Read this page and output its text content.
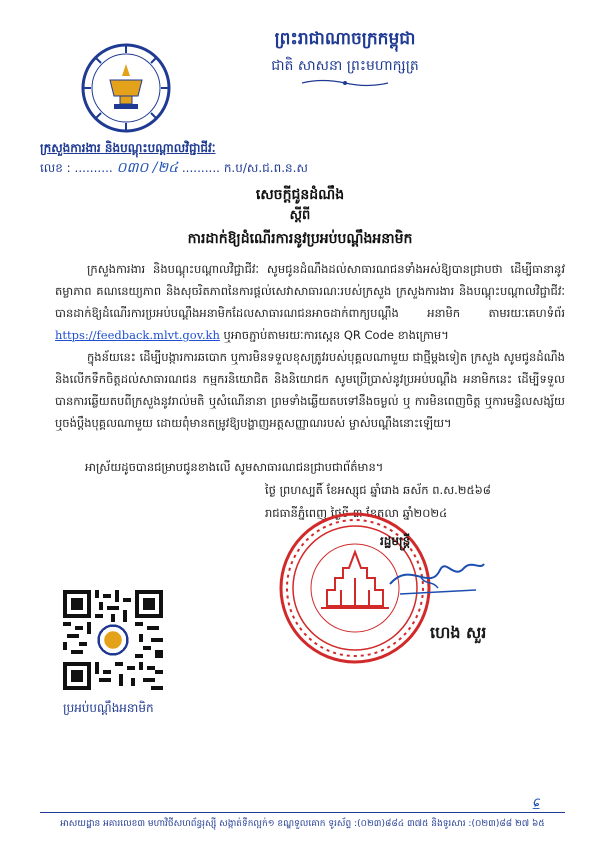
ព្រះរាជាណាចក្រកម្ពុជា
ជាតិ សាសនា ព្រះមហាក្សត្រ
ក្រសួងការងារ និងបណ្តុះបណ្តាលវិជ្ជាជីវៈ
លេខ : .......... ០៣០ /២៤ .......... ក.ប/ស.ជ.ព.ន.ស
សេចក្តីជូនដំណឹង
ស្តីពី
ការដាក់ឱ្យដំណើរការនូវប្រអប់បណ្តឹងអនាមិក
ក្រសួងការងារ និងបណ្តុះបណ្តាលវិជ្ជាជីវៈ សូមជូនដំណឹងដល់សាធារណជនទាំងអស់ឱ្យបានជ្រាបថា ដើម្បីធានានូវតម្លាភាព គណនេយ្យភាព និងសុចរិតភាពនៃការផ្តល់សេវាសាធារណៈរបស់ក្រសួង ក្រសួងការងារ និងបណ្តុះបណ្តាលវិជ្ជាជីវៈ បានដាក់ឱ្យដំណើរការប្រអប់បណ្តឹងអនាមិកដែលសាធារណជនអាចដាក់ពាក្យបណ្តឹង អនាមិក តាមរយៈគេហទំព័រ https://feedback.mlvt.gov.kh ឬអាចភ្ជាប់តាមរយៈការស្កេន QR Code ខាងក្រោម។
ក្នុងន័យនេះ ដើម្បីបង្ការការឆបោក ឬការមិនទទួលខុសត្រូវរបស់បុគ្គលណាមួយ ជាថ្មីម្តងទៀត ក្រសួង សូមជូនដំណឹង និងលើកទឹកចិត្តដល់សាធារណជន កម្មករនិយោជិត និងនិយោជក សូមប្រើប្រាស់នូវប្រអប់បណ្តឹង អនាមិកនេះ ដើម្បីទទួលបានការឆ្លើយតបពីក្រសួងនូវរាល់មតិ ឬសំណើនានា ព្រមទាំងឆ្លើយតបទៅនឹងចម្ងល់ ឬ ការមិនពេញចិត្ត ឬការមន្ទិលសង្ស័យ ឬចង់ប្តឹងបុគ្គលណាមួយ ដោយពុំមានតម្រូវឱ្យបង្ហាញអត្តសញ្ញាណរបស់ ម្ចាស់បណ្តឹងនោះឡើយ។
អាស្រ័យដូចបានជម្រាបជូនខាងលើ សូមសាធារណជនជ្រាបជាព័ត៌មាន។
ថ្ងៃ ព្រហស្បតិ៍ ខែអស្សុជ ឆ្នាំរោង ឆស័ក ព.ស.២៥៦៨
រាជធានីភ្នំពេញ ថ្ងៃទី ៣ ខែតុលា ឆ្នាំ២០២៤
រដ្ឋមន្ត្រី
ហេង សួរ
ប្រអប់បណ្តឹងអនាមិក
ɕ̲
អាសយដ្ឋាន អគារលេខ៣ មហាវិថីសហព័ន្ធរុស្ស៊ី សង្កាត់ទឹកល្អក់១ ខណ្ឌទួលគោក ទូរស័ព្ទ :(០២៣)៨៨៤ ៣៧៥ និងទូរសារ :(០២៣)៨៨ ២៧ ៦៥
